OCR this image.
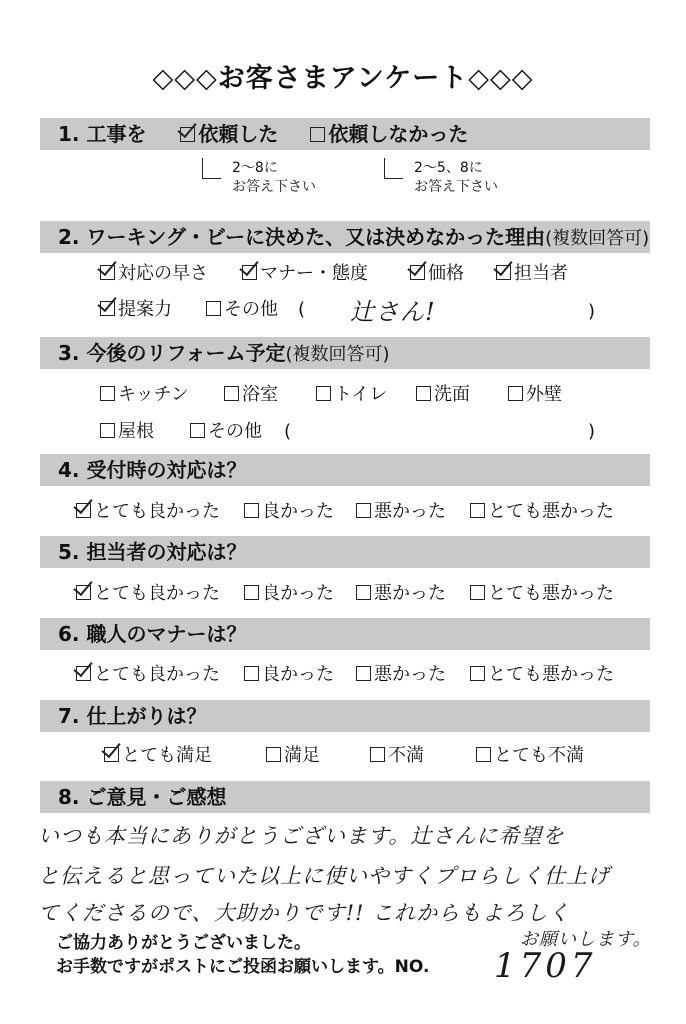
◇◇◇お客さまアンケート◇◇◇
1. 工事を	依頼した 依頼しなかった
2〜8に
お答え下さい
2〜5、8に
お答え下さい
2. ワーキング・ビーに決めた、又は決めなかった理由(複数回答可)
対応の早さ	マナー・態度	価格	担当者
提案力	その他 ( 辻さん!	)
3. 今後のリフォーム予定(複数回答可)
キッチン	浴室	トイレ	洗面	外壁
屋根	その他 (	)
4. 受付時の対応は？
とても良かった	良かった	悪かった	とても悪かった
5. 担当者の対応は？
とても良かった	良かった	悪かった	とても悪かった
6. 職人のマナーは？
とても良かった	良かった	悪かった	とても悪かった
7. 仕上がりは？
とても満足	満足	不満	とても不満
8. ご意見・ご感想
いつも本当にありがとうございます。辻さんに希望を
と伝えると思っていた以上に使いやすくプロらしく仕上げ
てくださるので、大助かりです!! これからもよろしく
お願いします。
ご協力ありがとうございました。
お手数ですがポストにご投函お願いします。NO. 1707
